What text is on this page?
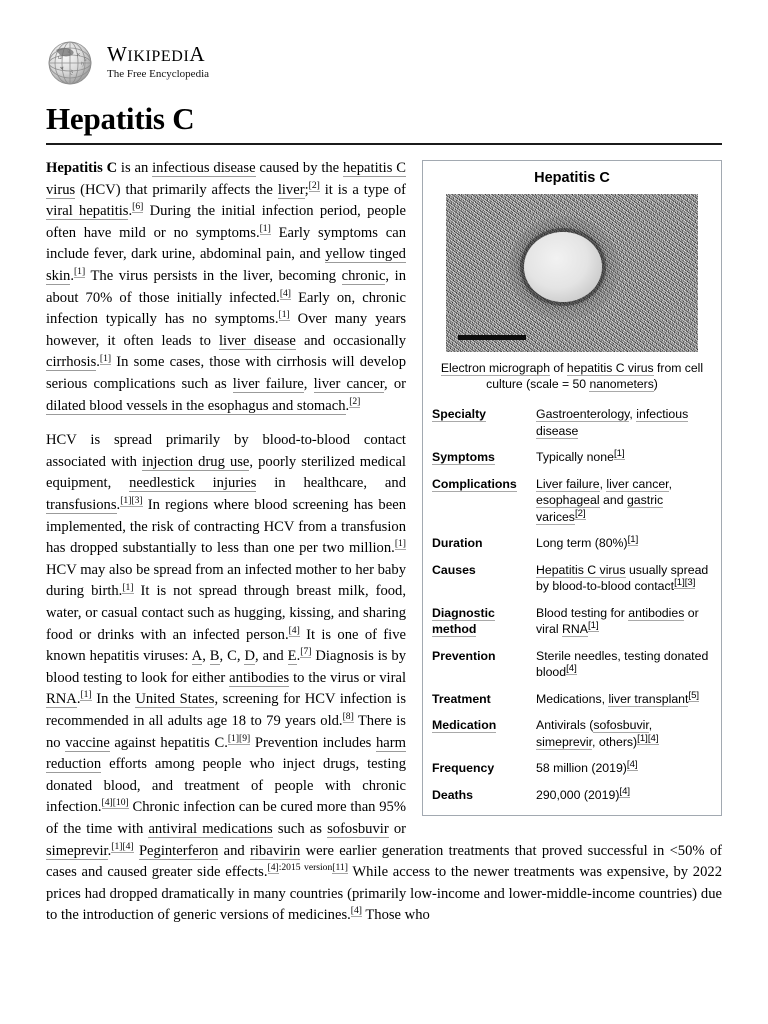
Ω
א
り
भ
さ
5 WIKIPEDIA
The Free Encyclopedia
Hepatitis C
Hepatitis C
Electron micrograph of hepatitis C virus from cell culture (scale = 50 nanometers)
Specialty	Gastroenterology, infectious disease
Symptoms	Typically none[1]
Complications	Liver failure, liver cancer, esophageal and gastric varices[2]
Duration	Long term (80%)[1]
Causes	Hepatitis C virus usually spread by blood-to-blood contact[1][3]
Diagnostic method	Blood testing for antibodies or viral RNA[1]
Prevention	Sterile needles, testing donated blood[4]
Treatment	Medications, liver transplant[5]
Medication	Antivirals (sofosbuvir, simeprevir, others)[1][4]
Frequency	58 million (2019)[4]
Deaths	290,000 (2019)[4]

Hepatitis C is an infectious disease caused by the hepatitis C virus (HCV) that primarily affects the liver;[2] it is a type of viral hepatitis.[6] During the initial infection period, people often have mild or no symptoms.[1] Early symptoms can include fever, dark urine, abdominal pain, and yellow tinged skin.[1] The virus persists in the liver, becoming chronic, in about 70% of those initially infected.[4] Early on, chronic infection typically has no symptoms.[1] Over many years however, it often leads to liver disease and occasionally cirrhosis.[1] In some cases, those with cirrhosis will develop serious complications such as liver failure, liver cancer, or dilated blood vessels in the esophagus and stomach.[2]

HCV is spread primarily by blood-to-blood contact associated with injection drug use, poorly sterilized medical equipment, needlestick injuries in healthcare, and transfusions.[1][3] In regions where blood screening has been implemented, the risk of contracting HCV from a transfusion has dropped substantially to less than one per two million.[1] HCV may also be spread from an infected mother to her baby during birth.[1] It is not spread through breast milk, food, water, or casual contact such as hugging, kissing, and sharing food or drinks with an infected person.[4] It is one of five known hepatitis viruses: A, B, C, D, and E.[7] Diagnosis is by blood testing to look for either antibodies to the virus or viral RNA.[1] In the United States, screening for HCV infection is recommended in all adults age 18 to 79 years old.[8] There is no vaccine against hepatitis C.[1][9] Prevention includes harm reduction efforts among people who inject drugs, testing donated blood, and treatment of people with chronic infection.[4][10] Chronic infection can be cured more than 95% of the time with antiviral medications such as sofosbuvir or simeprevir.[1][4] Peginterferon and ribavirin were earlier generation treatments that proved successful in <50% of cases and caused greater side effects.[4]:2015 version[11] While access to the newer treatments was expensive, by 2022 prices had dropped dramatically in many countries (primarily low-income and lower-middle-income countries) due to the introduction of generic versions of medicines.[4] Those who
